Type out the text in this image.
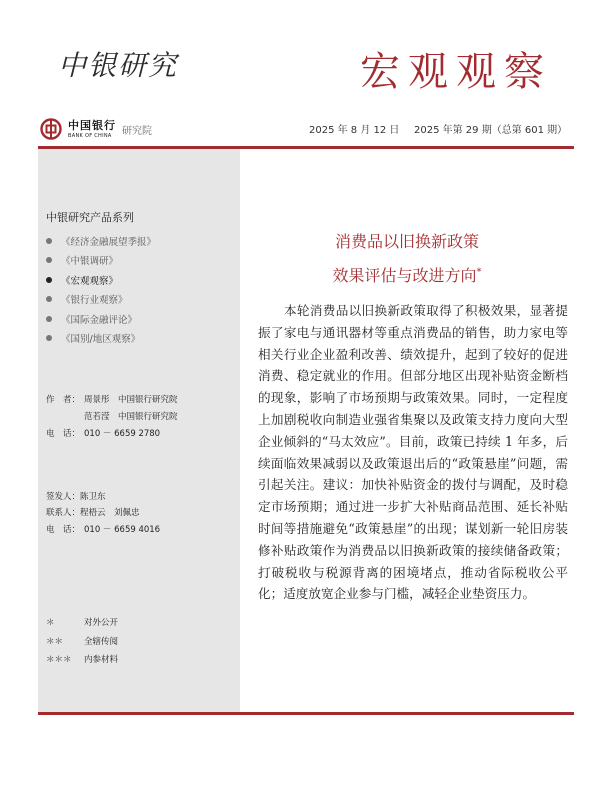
中银研究	宏观观察
中国银行
BANK OF CHINA 研究院	2025 年 8 月 12 日 2025 年第 29 期（总第 601 期）
中银研究产品系列
《经济金融展望季报》
《中银调研》
《宏观观察》
《银行业观察》
《国际金融评论》
《国别/地区观察》
作　者： 周景彤　 中国银行研究院
范若滢　 中国银行研究院
电　话： 010 － 6659 2780
签发人：陈卫东
联系人：程梧云　刘佩忠
电　话： 010 － 6659 4016
＊	对外公开
＊＊ 全辖传阅
＊＊＊ 内参材料
消费品以旧换新政策
效果评估与改进方向*
本轮消费品以旧换新政策取得了积极效果，显著提振了家电与通讯器材等重点消费品的销售，助力家电等相关行业企业盈利改善、绩效提升，起到了较好的促进消费、稳定就业的作用。但部分地区出现补贴资金断档的现象，影响了市场预期与政策效果。同时，一定程度上加剧税收向制造业强省集聚以及政策支持力度向大型企业倾斜的“马太效应”。目前，政策已持续 1 年多，后续面临效果减弱以及政策退出后的“政策悬崖”问题，需引起关注。建议：加快补贴资金的拨付与调配，及时稳定市场预期；通过进一步扩大补贴商品范围、延长补贴时间等措施避免“政策悬崖”的出现；谋划新一轮旧房装修补贴政策作为消费品以旧换新政策的接续储备政策；打破税收与税源背离的困境堵点，推动省际税收公平化；适度放宽企业参与门槛，减轻企业垫资压力。
